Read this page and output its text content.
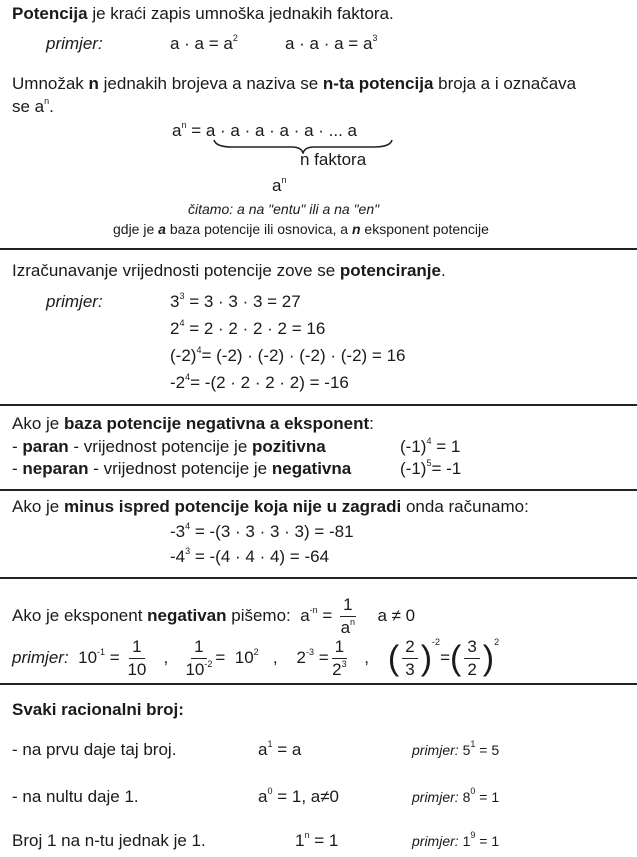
Potencija je kraći zapis umnoška jednakih faktora.
primjer:	$a \cdot a = a^2$	$a \cdot a \cdot a = a^3$
Umnožak n jednakih brojeva a naziva se n-ta potencija broja a i označava
se $a^n$.
$a^n = a \cdot a \cdot a \cdot a \cdot a$ · ... a
n faktora
$a^n$
čitamo: a na "entu" ili a na "en"
gdje je a baza potencije ili osnovica, a n eksponent potencije
Izračunavanje vrijednosti potencije zove se potenciranje.
primjer:	$3^3 = 3 \cdot 3 \cdot 3 = 27$
$2^4 = 2 \cdot 2 \cdot 2 \cdot 2 = 16$
$(-2)^4= (-2) \cdot (-2) \cdot (-2) \cdot (-2) = 16$
$-2^4= -(2 \cdot 2 \cdot 2 \cdot 2) = -16$
Ako je baza potencije negativna a eksponent:
- paran - vrijednost potencije je pozitivna	$(-1)^4 = 1$
- neparan - vrijednost potencije je negativna	$(-1)^5= -1$
Ako je minus ispred potencije koja nije u zagradi onda računamo:
$-3^4 = -(3 \cdot 3 \cdot 3 \cdot 3) = -81$
$-4^3 = -(4 \cdot 4 \cdot 4) = -64$
Ako je eksponent negativan pišemo: $a^{-n} = \frac{1}{a^n}$ a ≠ 0
primjer: $10^{-1} = \frac{1}{10}$ , $\frac{1}{10^{-2}} = 10^2$ , $2^{-3} = \frac{1}{2^3}$ , ( $\frac{2}{3} )^{-2}=( \frac{3}{2} )^2$
Svaki racionalni broj:
- na prvu daje taj broj.	$a^1 = a$	primjer: $5^1 = 5$
- na nultu daje 1.	$a^0 = 1$, a≠0	primjer: $8^0 = 1$
Broj 1 na n-tu jednak je 1.	$1^n = 1$	primjer: $1^9 = 1$
